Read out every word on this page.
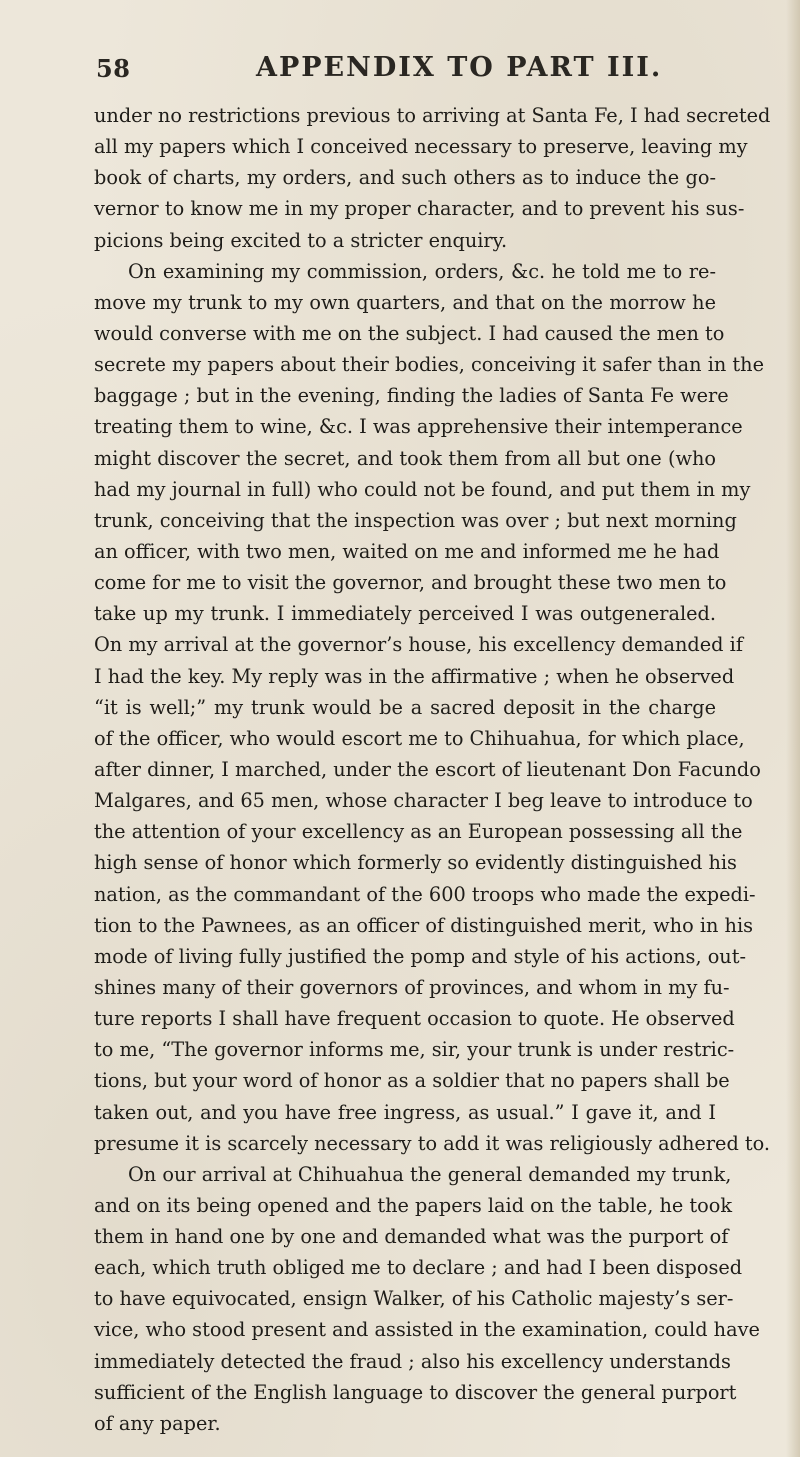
58	APPENDIX TO PART III.
under no restrictions previous to arriving at Santa Fe, I had secreted
all my papers which I conceived necessary to preserve, leaving my
book of charts, my orders, and such others as to induce the go-
vernor to know me in my proper character, and to prevent his sus-
picions being excited to a stricter enquiry.
On examining my commission, orders, &c. he told me to re-
move my trunk to my own quarters, and that on the morrow he
would converse with me on the subject. I had caused the men to
secrete my papers about their bodies, conceiving it safer than in the
baggage ; but in the evening, finding the ladies of Santa Fe were
treating them to wine, &c. I was apprehensive their intemperance
might discover the secret, and took them from all but one (who
had my journal in full) who could not be found, and put them in my
trunk, conceiving that the inspection was over ; but next morning
an officer, with two men, waited on me and informed me he had
come for me to visit the governor, and brought these two men to
take up my trunk. I immediately perceived I was outgeneraled.
On my arrival at the governor’s house, his excellency demanded if
I had the key. My reply was in the affirmative ; when he observed
“it is well;” my trunk would be a sacred deposit in the charge
of the officer, who would escort me to Chihuahua, for which place,
after dinner, I marched, under the escort of lieutenant Don Facundo
Malgares, and 65 men, whose character I beg leave to introduce to
the attention of your excellency as an European possessing all the
high sense of honor which formerly so evidently distinguished his
nation, as the commandant of the 600 troops who made the expedi-
tion to the Pawnees, as an officer of distinguished merit, who in his
mode of living fully justified the pomp and style of his actions, out-
shines many of their governors of provinces, and whom in my fu-
ture reports I shall have frequent occasion to quote. He observed
to me, “The governor informs me, sir, your trunk is under restric-
tions, but your word of honor as a soldier that no papers shall be
taken out, and you have free ingress, as usual.” I gave it, and I
presume it is scarcely necessary to add it was religiously adhered to.
On our arrival at Chihuahua the general demanded my trunk,
and on its being opened and the papers laid on the table, he took
them in hand one by one and demanded what was the purport of
each, which truth obliged me to declare ; and had I been disposed
to have equivocated, ensign Walker, of his Catholic majesty’s ser-
vice, who stood present and assisted in the examination, could have
immediately detected the fraud ; also his excellency understands
sufficient of the English language to discover the general purport
of any paper.
